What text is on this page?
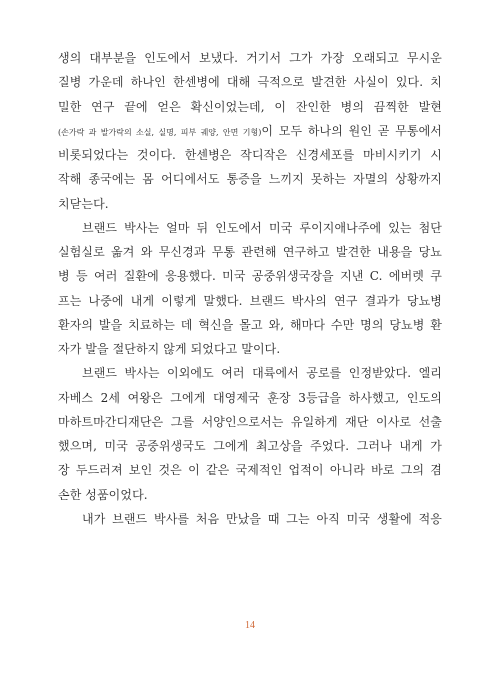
생의 대부분을 인도에서 보냈다. 거기서 그가 가장 오래되고 무시운
질병 가운데 하나인 한센병에 대해 극적으로 발견한 사실이 있다. 치
밀한 연구 끝에 얻은 확신이었는데, 이 잔인한 병의 끔찍한 발현
(손가락 과 발가락의 소실, 실명, 피부 궤양, 안면 기형)이 모두 하나의 원인 곧 무통에서
비롯되었다는 것이다. 한센병은 작디작은 신경세포를 마비시키기 시
작해 종국에는 몸 어디에서도 통증을 느끼지 못하는 자멸의 상황까지
치닫는다.
브랜드 박사는 얼마 뒤 인도에서 미국 루이지애나주에 있는 첨단
실험실로 옮겨 와 무신경과 무통 관련해 연구하고 발견한 내용을 당뇨
병 등 여러 질환에 응용했다. 미국 공중위생국장을 지낸 C. 에버렛 쿠
프는 나중에 내게 이렇게 말했다. 브랜드 박사의 연구 결과가 당뇨병
환자의 발을 치료하는 데 혁신을 몰고 와, 해마다 수만 명의 당뇨병 환
자가 발을 절단하지 않게 되었다고 말이다.
브랜드 박사는 이외에도 여러 대륙에서 공로를 인정받았다. 엘리
자베스 2세 여왕은 그에게 대영제국 훈장 3등급을 하사했고, 인도의
마하트마간디재단은 그를 서양인으로서는 유일하게 재단 이사로 선출
했으며, 미국 공중위생국도 그에게 최고상을 주었다. 그러나 내게 가
장 두드러져 보인 것은 이 같은 국제적인 업적이 아니라 바로 그의 겸
손한 성품이었다.
내가 브랜드 박사를 처음 만났을 때 그는 아직 미국 생활에 적응
14
